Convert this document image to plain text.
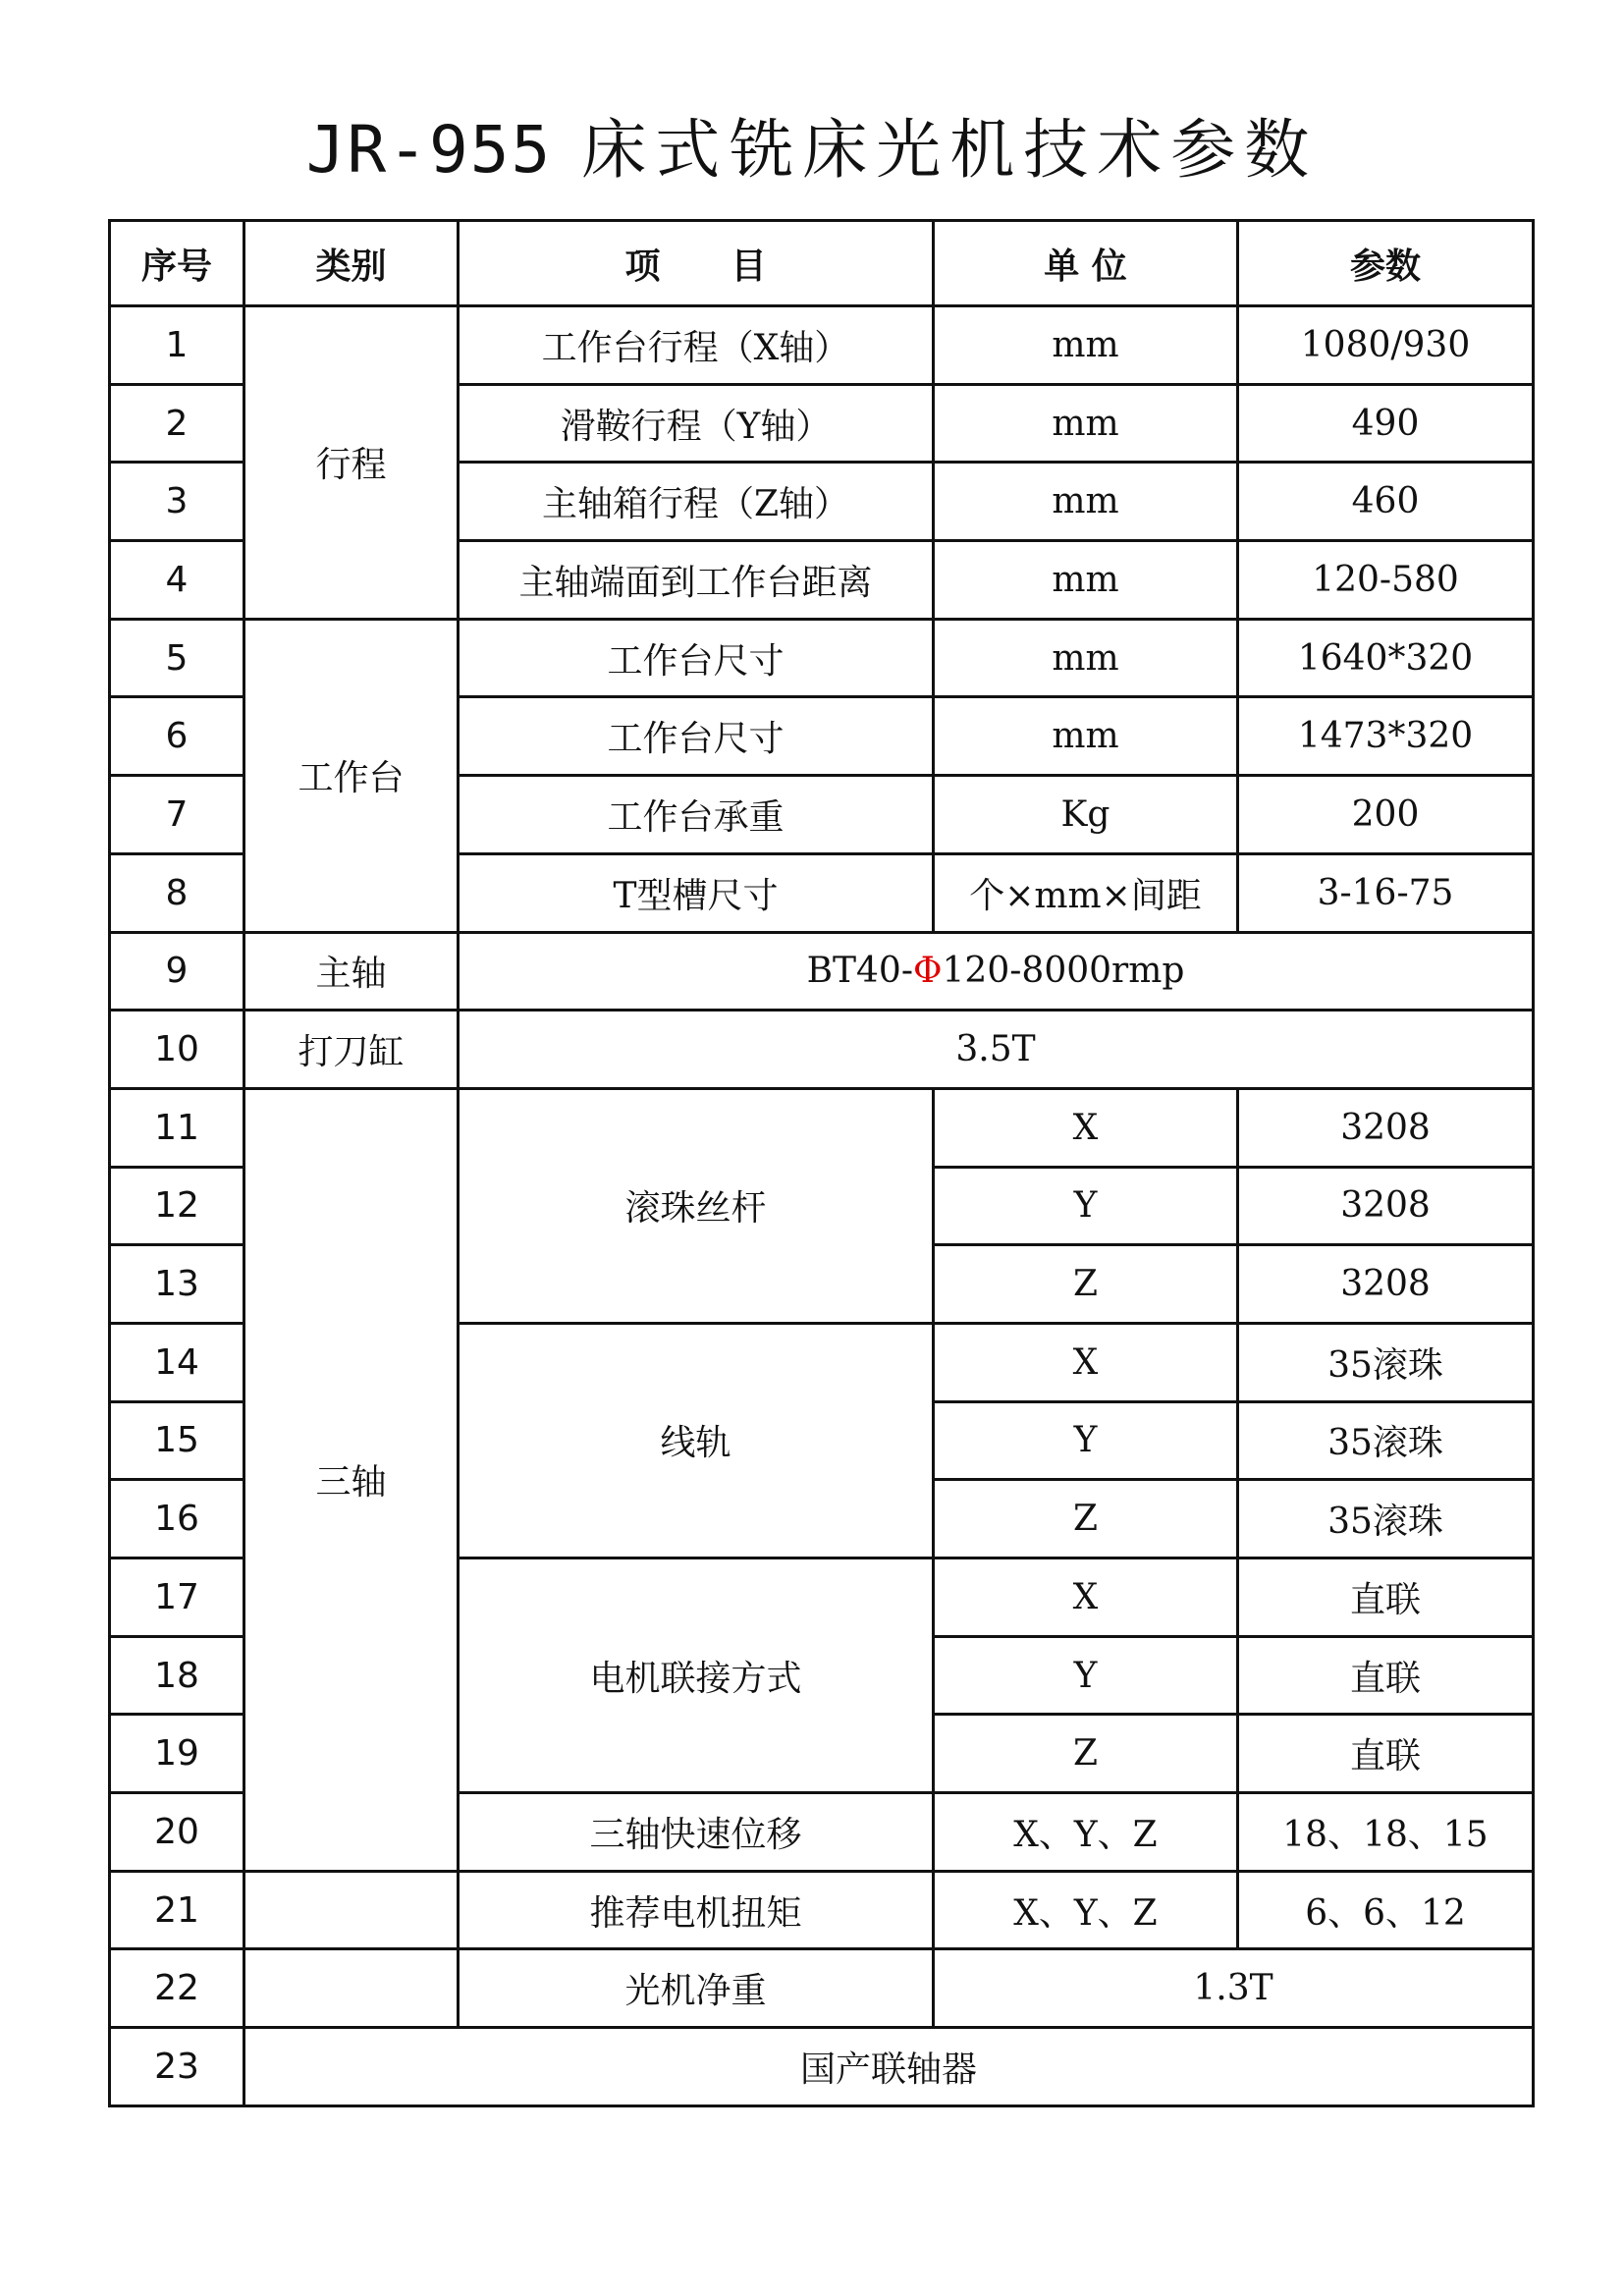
JR-955 床式铣床光机技术参数
序号	类别	项　　目	单 位	参数
1	行程	工作台行程（X轴）	mm	1080/930
2		滑鞍行程（Y轴）	mm	490
3		主轴箱行程（Z轴）	mm	460
4		主轴端面到工作台距离	mm	120-580
5	工作台	工作台尺寸	mm	1640*320
6		工作台尺寸	mm	1473*320
7		工作台承重	Kg	200
8		T型槽尺寸	个×mm×间距	3-16-75
9	主轴	BT40-Φ120-8000rmp		
10	打刀缸	3.5T		
11	三轴	滚珠丝杆	X	3208
12			Y	3208
13			Z	3208
14		线轨	X	35滚珠
15			Y	35滚珠
16			Z	35滚珠
17		电机联接方式	X	直联
18			Y	直联
19			Z	直联
20		三轴快速位移	X、Y、Z	18、18、15
21		推荐电机扭矩	X、Y、Z	6、6、12
22		光机净重	1.3T	
23	国产联轴器			
